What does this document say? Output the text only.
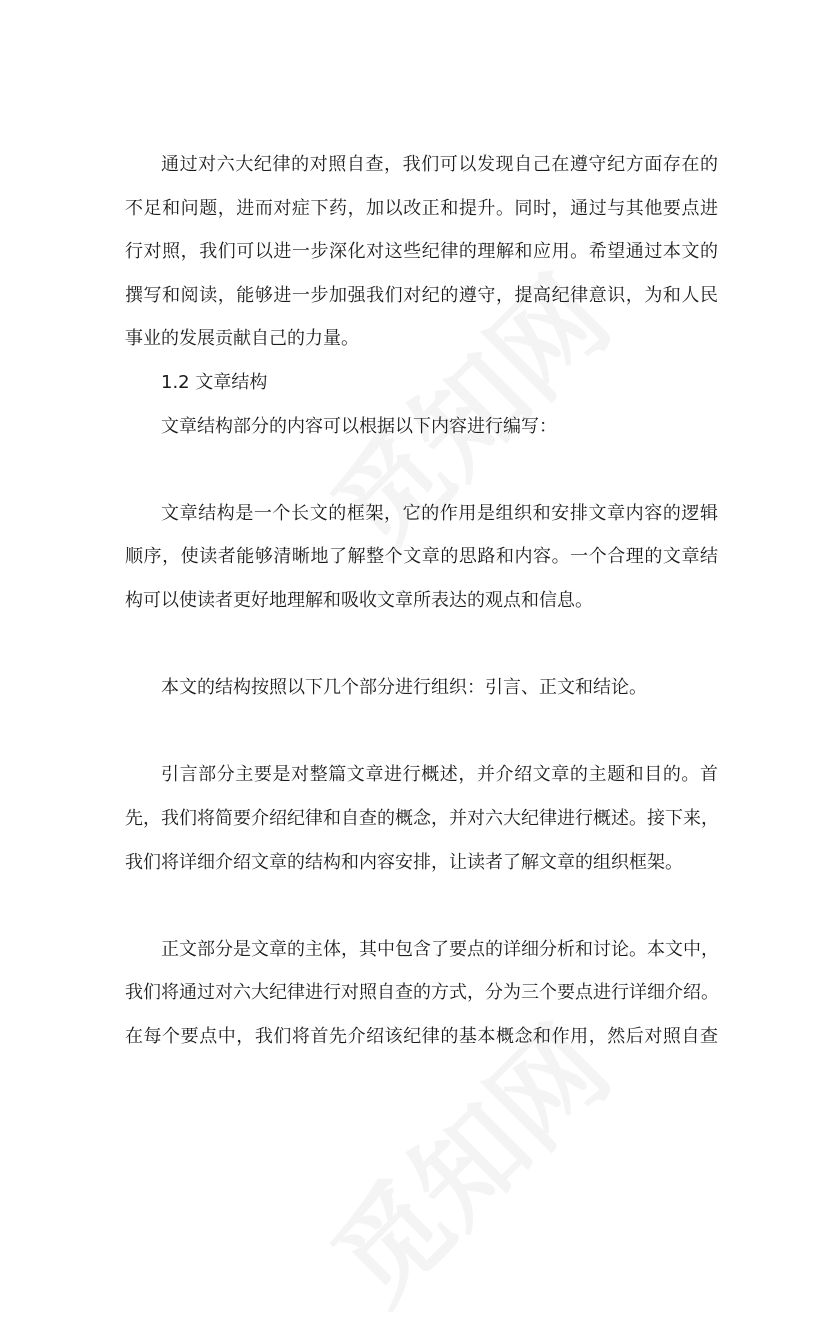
通过对六大纪律的对照自查，我们可以发现自己在遵守纪方面存在的
不足和问题，进而对症下药，加以改正和提升。同时，通过与其他要点进
行对照，我们可以进一步深化对这些纪律的理解和应用。希望通过本文的
撰写和阅读，能够进一步加强我们对纪的遵守，提高纪律意识，为和人民
事业的发展贡献自己的力量。
1.2 文章结构
文章结构部分的内容可以根据以下内容进行编写：
文章结构是一个长文的框架，它的作用是组织和安排文章内容的逻辑
顺序，使读者能够清晰地了解整个文章的思路和内容。一个合理的文章结
构可以使读者更好地理解和吸收文章所表达的观点和信息。
本文的结构按照以下几个部分进行组织：引言、正文和结论。
引言部分主要是对整篇文章进行概述，并介绍文章的主题和目的。首
先，我们将简要介绍纪律和自查的概念，并对六大纪律进行概述。接下来，
我们将详细介绍文章的结构和内容安排，让读者了解文章的组织框架。
正文部分是文章的主体，其中包含了要点的详细分析和讨论。本文中，
我们将通过对六大纪律进行对照自查的方式，分为三个要点进行详细介绍。
在每个要点中，我们将首先介绍该纪律的基本概念和作用，然后对照自查
